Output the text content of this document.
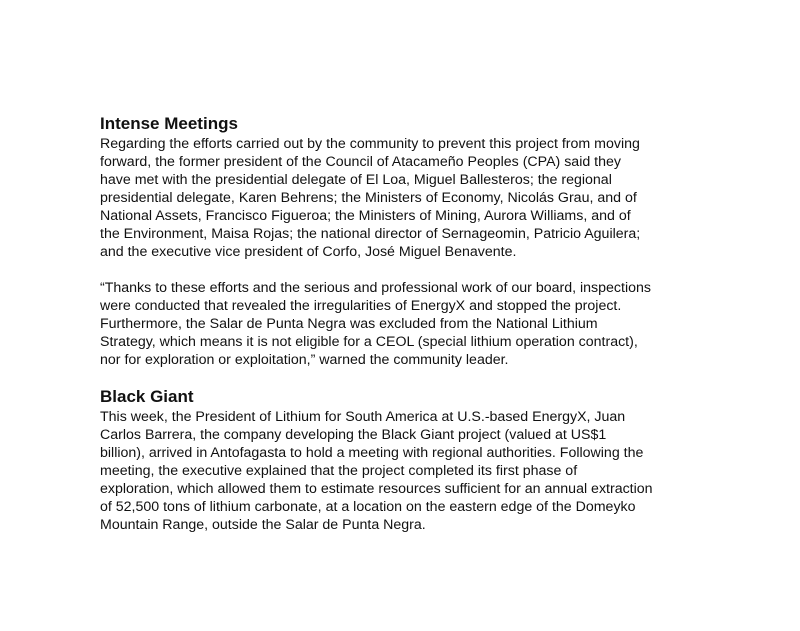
Intense Meetings

Regarding the efforts carried out by the community to prevent this project from moving
forward, the former president of the Council of Atacameño Peoples (CPA) said they
have met with the presidential delegate of El Loa, Miguel Ballesteros; the regional
presidential delegate, Karen Behrens; the Ministers of Economy, Nicolás Grau, and of
National Assets, Francisco Figueroa; the Ministers of Mining, Aurora Williams, and of
the Environment, Maisa Rojas; the national director of Sernageomin, Patricio Aguilera;
and the executive vice president of Corfo, José Miguel Benavente.

“Thanks to these efforts and the serious and professional work of our board, inspections
were conducted that revealed the irregularities of EnergyX and stopped the project.
Furthermore, the Salar de Punta Negra was excluded from the National Lithium
Strategy, which means it is not eligible for a CEOL (special lithium operation contract),
nor for exploration or exploitation,” warned the community leader.

Black Giant

This week, the President of Lithium for South America at U.S.-based EnergyX, Juan
Carlos Barrera, the company developing the Black Giant project (valued at US$1
billion), arrived in Antofagasta to hold a meeting with regional authorities. Following the
meeting, the executive explained that the project completed its first phase of
exploration, which allowed them to estimate resources sufficient for an annual extraction
of 52,500 tons of lithium carbonate, at a location on the eastern edge of the Domeyko
Mountain Range, outside the Salar de Punta Negra.
